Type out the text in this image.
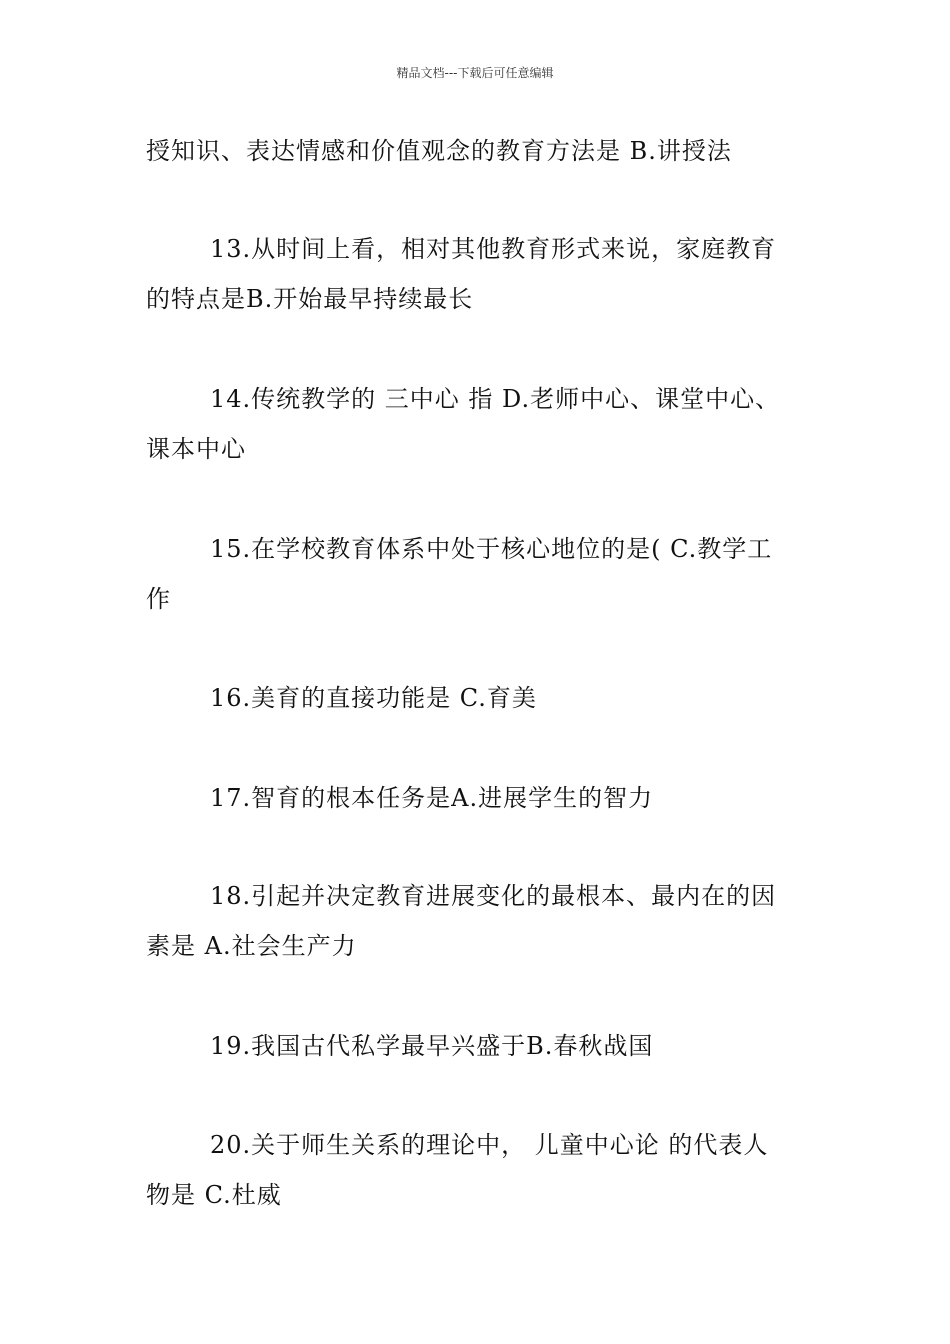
精品文档---下载后可任意编辑
授知识、表达情感和价值观念的教育方法是 B.讲授法
13.从时间上看，相对其他教育形式来说，家庭教育
的特点是B.开始最早持续最长
14.传统教学的 三中心 指 D.老师中心、课堂中心、
课本中心
15.在学校教育体系中处于核心地位的是( C.教学工
作
16.美育的直接功能是 C.育美
17.智育的根本任务是A.进展学生的智力
18.引起并决定教育进展变化的最根本、最内在的因
素是 A.社会生产力
19.我国古代私学最早兴盛于B.春秋战国
20.关于师生关系的理论中， 儿童中心论 的代表人
物是 C.杜威
